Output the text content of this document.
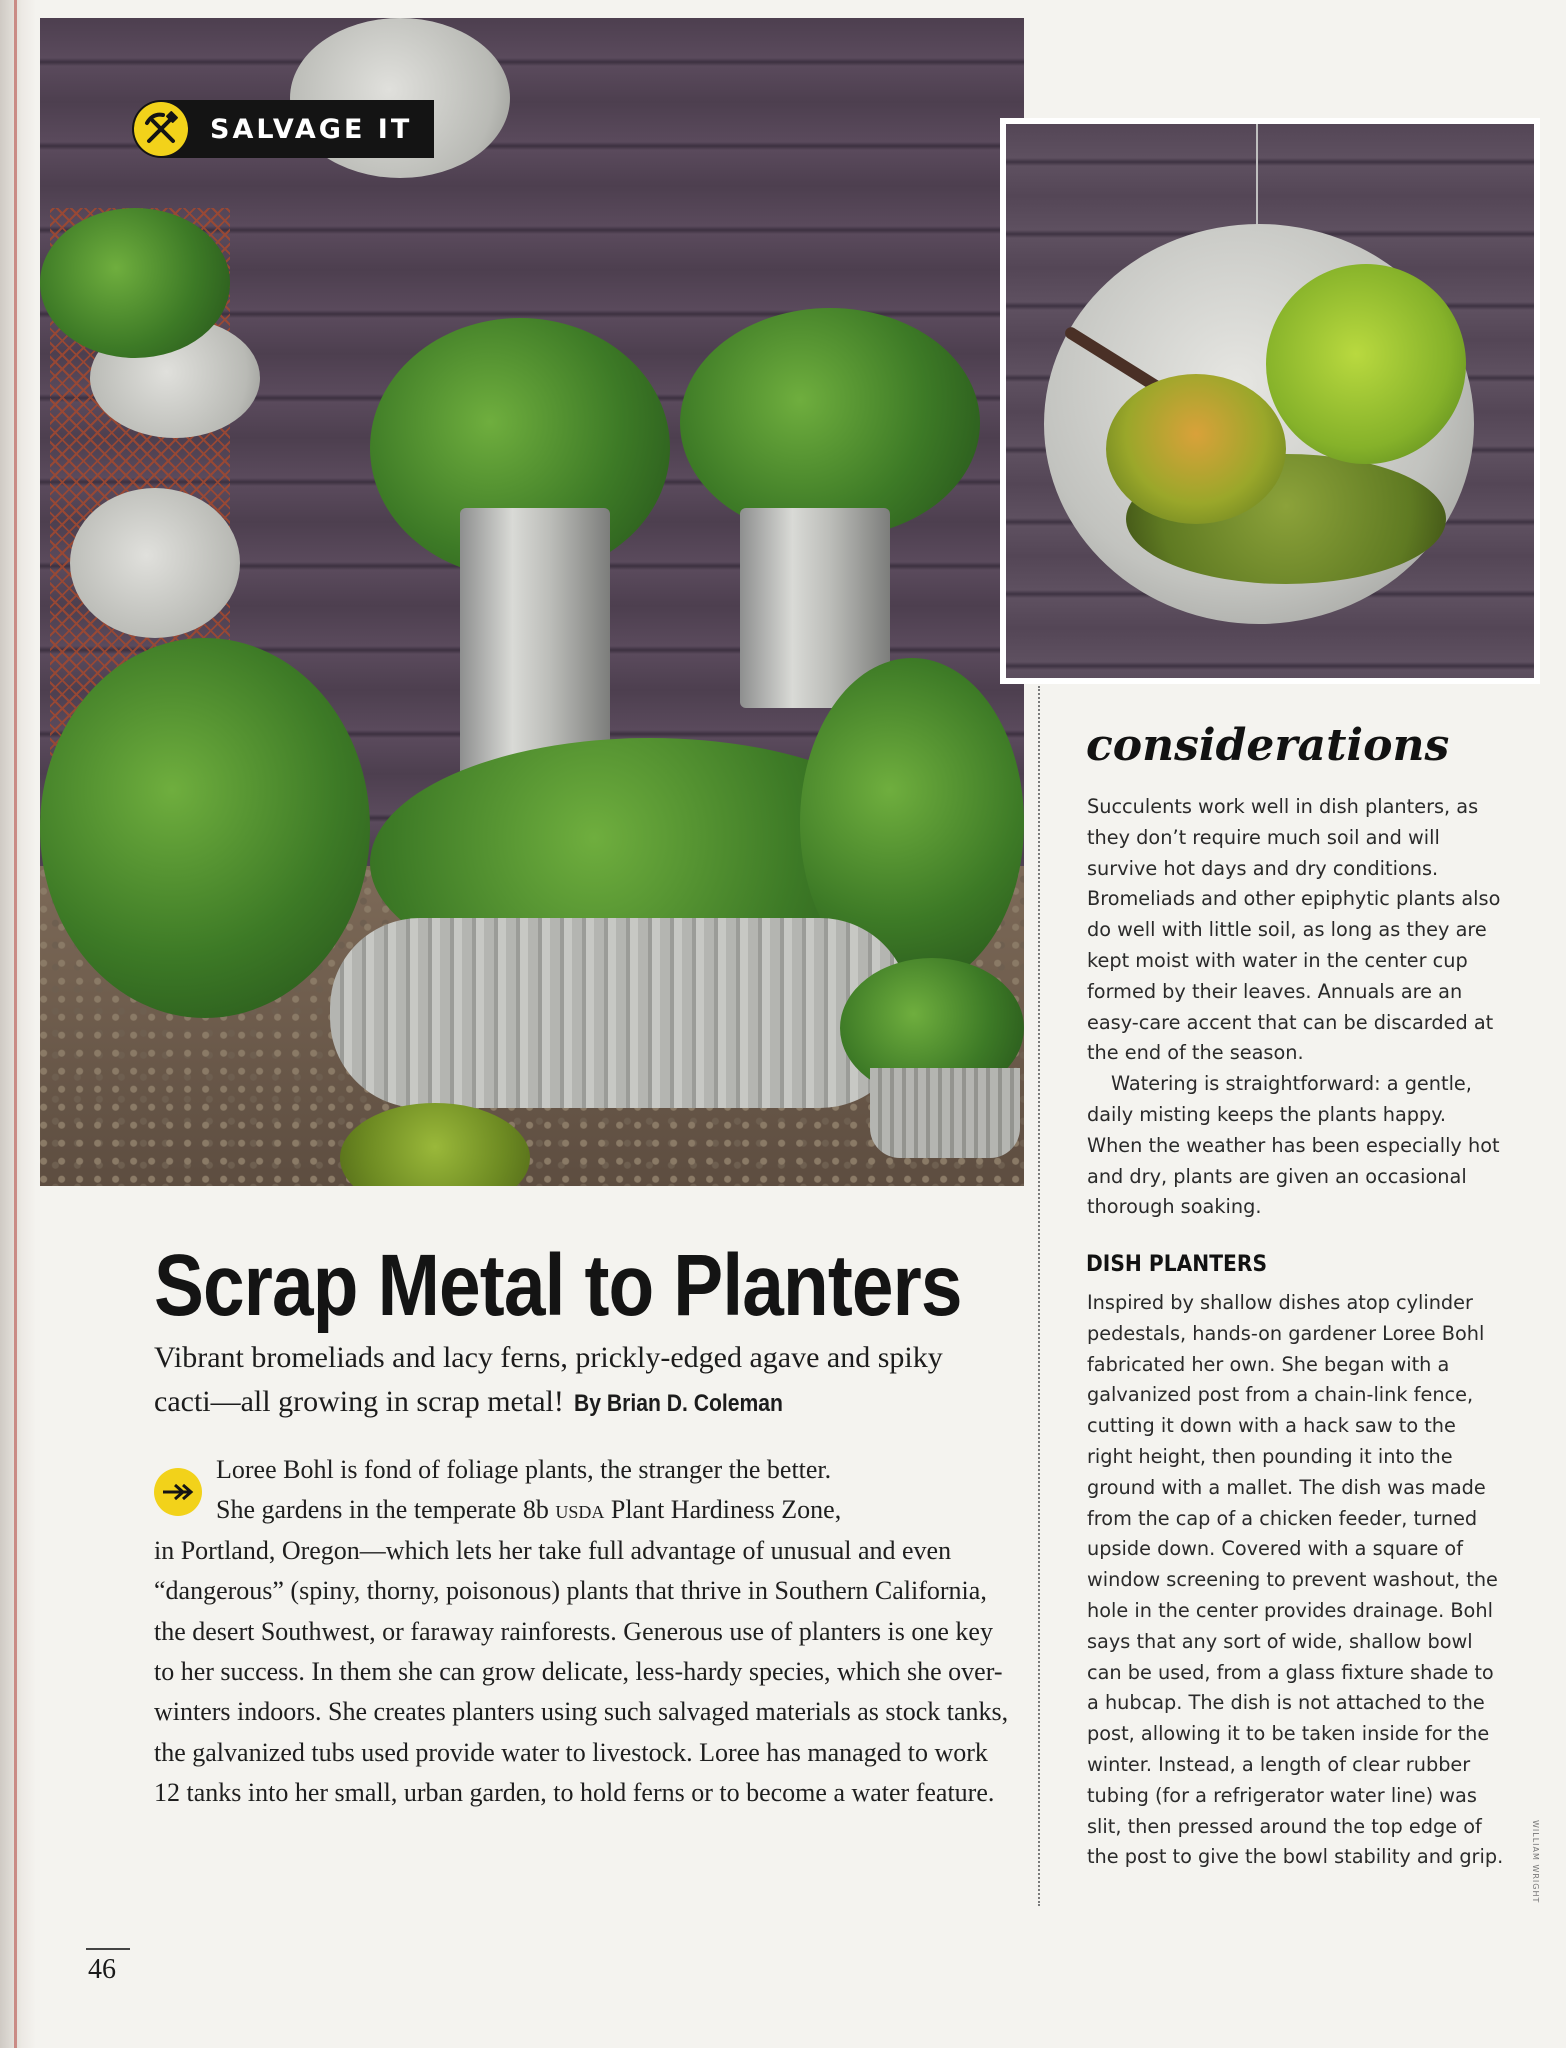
SALVAGE IT
considerations

Succulents work well in dish planters, as they don’t require much soil and will survive hot days and dry conditions. Bromeliads and other epiphytic plants also do well with little soil, as long as they are kept moist with water in the center cup formed by their leaves. Annuals are an easy-care accent that can be discarded at the end of the season.

Watering is straightforward: a gentle, daily misting keeps the plants happy. When the weather has been especially hot and dry, plants are given an occasional thorough soaking.

DISH PLANTERS

Inspired by shallow dishes atop cylinder pedestals, hands-on gardener Loree Bohl fabricated her own. She began with a galvanized post from a chain-link fence, cutting it down with a hack saw to the right height, then pounding it into the ground with a mallet. The dish was made from the cap of a chicken feeder, turned upside down. Covered with a square of window screening to prevent washout, the hole in the center provides drainage. Bohl says that any sort of wide, shallow bowl can be used, from a glass fixture shade to a hubcap. The dish is not attached to the post, allowing it to be taken inside for the winter. Instead, a length of clear rubber tubing (for a refrigerator water line) was slit, then pressed around the top edge of the post to give the bowl stability and grip.

Scrap Metal to Planters

Vibrant bromeliads and lacy ferns, prickly-edged agave and spiky cacti—all growing in scrap metal! By Brian D. Coleman

Loree Bohl is fond of foliage plants, the stranger the better.
She gardens in the temperate 8b usda Plant Hardiness Zone,
in Portland, Oregon—which lets her take full advantage of unusual and even “dangerous” (spiny, thorny, poisonous) plants that thrive in Southern California, the desert Southwest, or faraway rainforests. Generous use of planters is one key to her success. In them she can grow delicate, less-hardy species, which she over-winters indoors. She creates planters using such salvaged materials as stock tanks, the galvanized tubs used provide water to livestock. Loree has managed to work 12 tanks into her small, urban garden, to hold ferns or to become a water feature.
46
WILLIAM WRIGHT
